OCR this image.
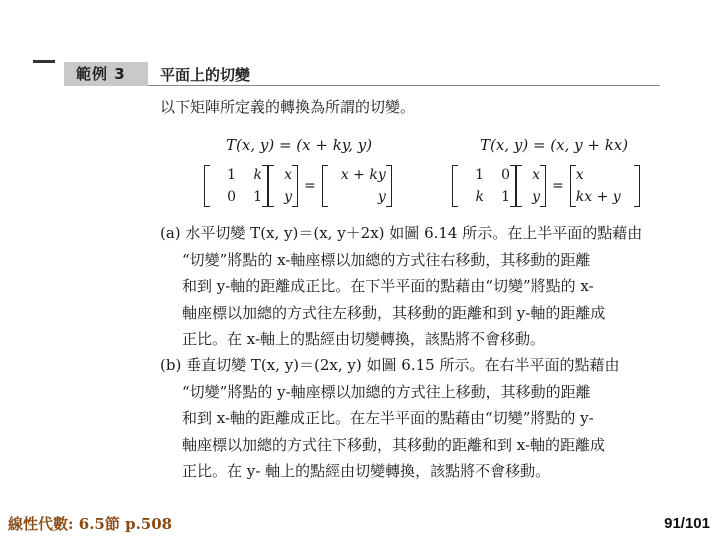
範例 3	平面上的切變
以下矩陣所定義的轉換為所謂的切變。
T(x, y) = (x + ky, y)	T(x, y) = (x, y + kx)
1	k
0	1
x
y
=
x + ky
y
1	0
k	1
x
y
=
x
kx + y
(a) 水平切變 T(x, y)＝(x, y＋2x) 如圖 6.14 所示。在上半平面的點藉由
“切變”將點的 x-軸座標以加總的方式往右移動，其移動的距離
和到 y-軸的距離成正比。在下半平面的點藉由“切變”將點的 x-
軸座標以加總的方式往左移動，其移動的距離和到 y-軸的距離成
正比。在 x-軸上的點經由切變轉換，該點將不會移動。
(b) 垂直切變 T(x, y)＝(2x, y) 如圖 6.15 所示。在右半平面的點藉由
“切變”將點的 y-軸座標以加總的方式往上移動，其移動的距離
和到 x-軸的距離成正比。在左半平面的點藉由“切變”將點的 y-
軸座標以加總的方式往下移動，其移動的距離和到 x-軸的距離成
正比。在 y- 軸上的點經由切變轉換，該點將不會移動。
線性代數: 6.5節 p.508	91/101
